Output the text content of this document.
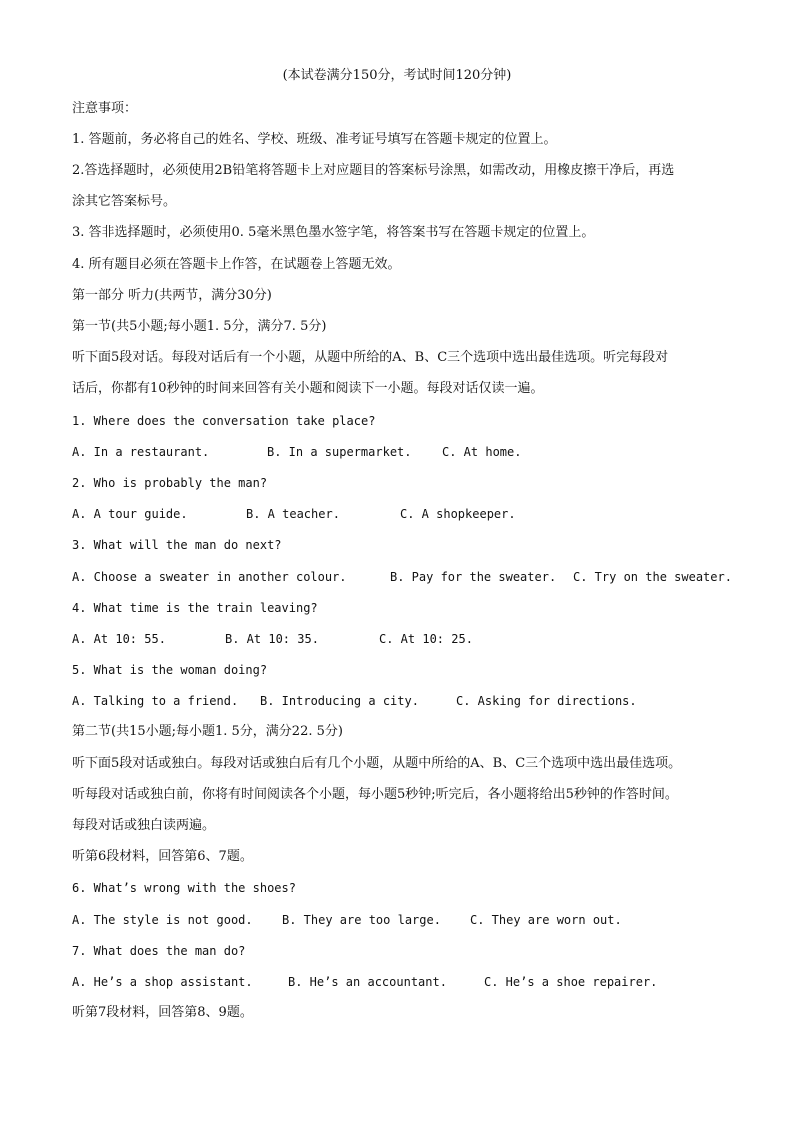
(本试卷满分150分，考试时间120分钟)
注意事项：
1. 答题前，务必将自己的姓名、学校、班级、准考证号填写在答题卡规定的位置上。
2.答选择题时，必须使用2B铅笔将答题卡上对应题目的答案标号涂黑，如需改动，用橡皮擦干净后，再选
涂其它答案标号。
3. 答非选择题时，必须使用0. 5毫米黑色墨水签字笔，将答案书写在答题卡规定的位置上。
4. 所有题目必须在答题卡上作答，在试题卷上答题无效。
第一部分 听力(共两节，满分30分)
第一节(共5小题;每小题1. 5分，满分7. 5分)
听下面5段对话。每段对话后有一个小题，从题中所给的A、B、C三个选项中选出最佳选项。听完每段对
话后，你都有10秒钟的时间来回答有关小题和阅读下一小题。每段对话仅读一遍。
1. Where does the conversation take place?
A. In a restaurant.	B. In a supermarket.	C. At home.
2. Who is probably the man?
A. A tour guide.	B. A teacher.	C. A shopkeeper.
3. What will the man do next?
A. Choose a sweater in another colour.	B. Pay for the sweater. C. Try on the sweater.
4. What time is the train leaving?
A. At 10: 55.	B. At 10: 35.	C. At 10: 25.
5. What is the woman doing?
A. Talking to a friend. B. Introducing a city.	C. Asking for directions.
第二节(共15小题;每小题1. 5分，满分22. 5分)
听下面5段对话或独白。每段对话或独白后有几个小题，从题中所给的A、B、C三个选项中选出最佳选项。
听每段对话或独白前，你将有时间阅读各个小题，每小题5秒钟;听完后，各小题将给出5秒钟的作答时间。
每段对话或独白读两遍。
听第6段材料，回答第6、7题。
6. What’s wrong with the shoes?
A. The style is not good. B. They are too large. C. They are worn out.
7. What does the man do?
A. He’s a shop assistant.	B. He’s an accountant.	C. He’s a shoe repairer.
听第7段材料，回答第8、9题。
